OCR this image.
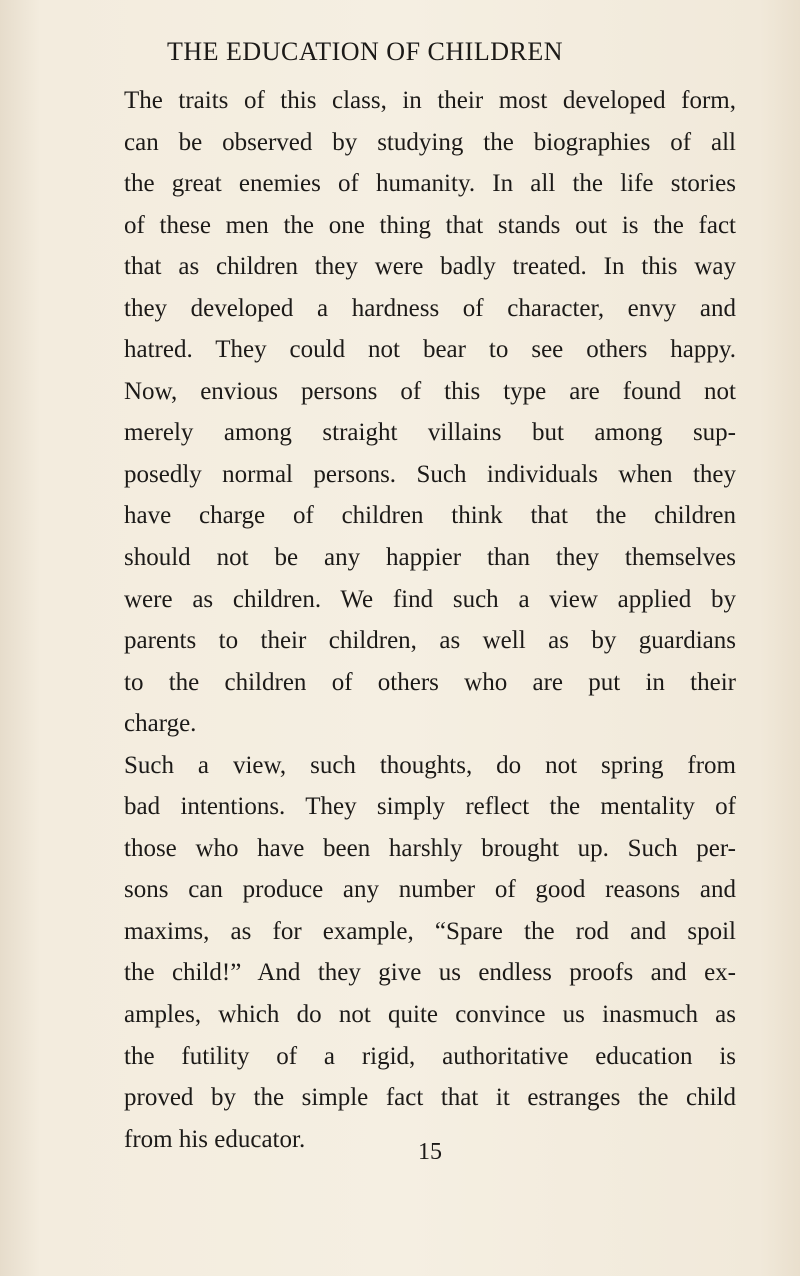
THE EDUCATION OF CHILDREN
The traits of this class, in their most developed form,
can be observed by studying the biographies of all
the great enemies of humanity. In all the life stories
of these men the one thing that stands out is the fact
that as children they were badly treated. In this way
they developed a hardness of character, envy and
hatred. They could not bear to see others happy.
Now, envious persons of this type are found not
merely among straight villains but among sup-
posedly normal persons. Such individuals when they
have charge of children think that the children
should not be any happier than they themselves
were as children. We find such a view applied by
parents to their children, as well as by guardians
to the children of others who are put in their
charge.
Such a view, such thoughts, do not spring from
bad intentions. They simply reflect the mentality of
those who have been harshly brought up. Such per-
sons can produce any number of good reasons and
maxims, as for example, “Spare the rod and spoil
the child!” And they give us endless proofs and ex-
amples, which do not quite convince us inasmuch as
the futility of a rigid, authoritative education is
proved by the simple fact that it estranges the child
from his educator.	15
